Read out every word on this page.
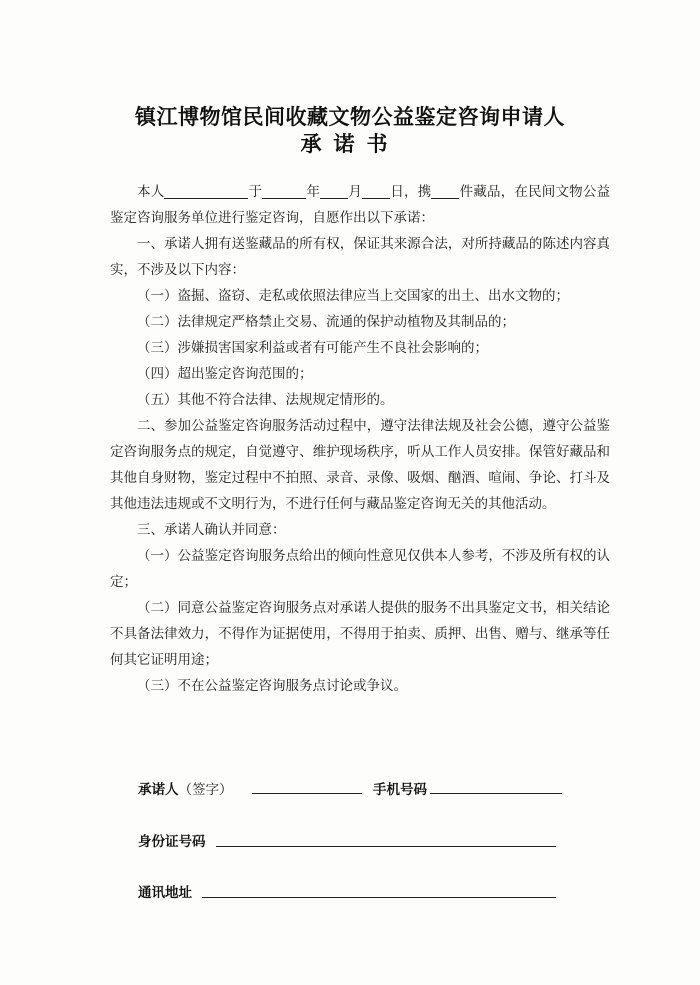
镇江博物馆民间收藏文物公益鉴定咨询申请人
承诺书

本人	于	年 月 日，携 件藏品，在民间文物公益鉴定咨询服务单位进行鉴定咨询，自愿作出以下承诺：

一、承诺人拥有送鉴藏品的所有权，保证其来源合法，对所持藏品的陈述内容真实，不涉及以下内容：

（一）盗掘、盗窃、走私或依照法律应当上交国家的出土、出水文物的；

（二）法律规定严格禁止交易、流通的保护动植物及其制品的；

（三）涉嫌损害国家利益或者有可能产生不良社会影响的；

（四）超出鉴定咨询范围的；

（五）其他不符合法律、法规规定情形的。

二、参加公益鉴定咨询服务活动过程中，遵守法律法规及社会公德，遵守公益鉴定咨询服务点的规定，自觉遵守、维护现场秩序，听从工作人员安排。保管好藏品和其他自身财物，鉴定过程中不拍照、录音、录像、吸烟、酗酒、喧闹、争论、打斗及其他违法违规或不文明行为，不进行任何与藏品鉴定咨询无关的其他活动。

三、承诺人确认并同意：

（一）公益鉴定咨询服务点给出的倾向性意见仅供本人参考，不涉及所有权的认定；

（二）同意公益鉴定咨询服务点对承诺人提供的服务不出具鉴定文书，相关结论不具备法律效力，不得作为证据使用，不得用于拍卖、质押、出售、赠与、继承等任何其它证明用途；

（三）不在公益鉴定咨询服务点讨论或争议。

承诺人（签字）	手机号码
身份证号码
通讯地址
